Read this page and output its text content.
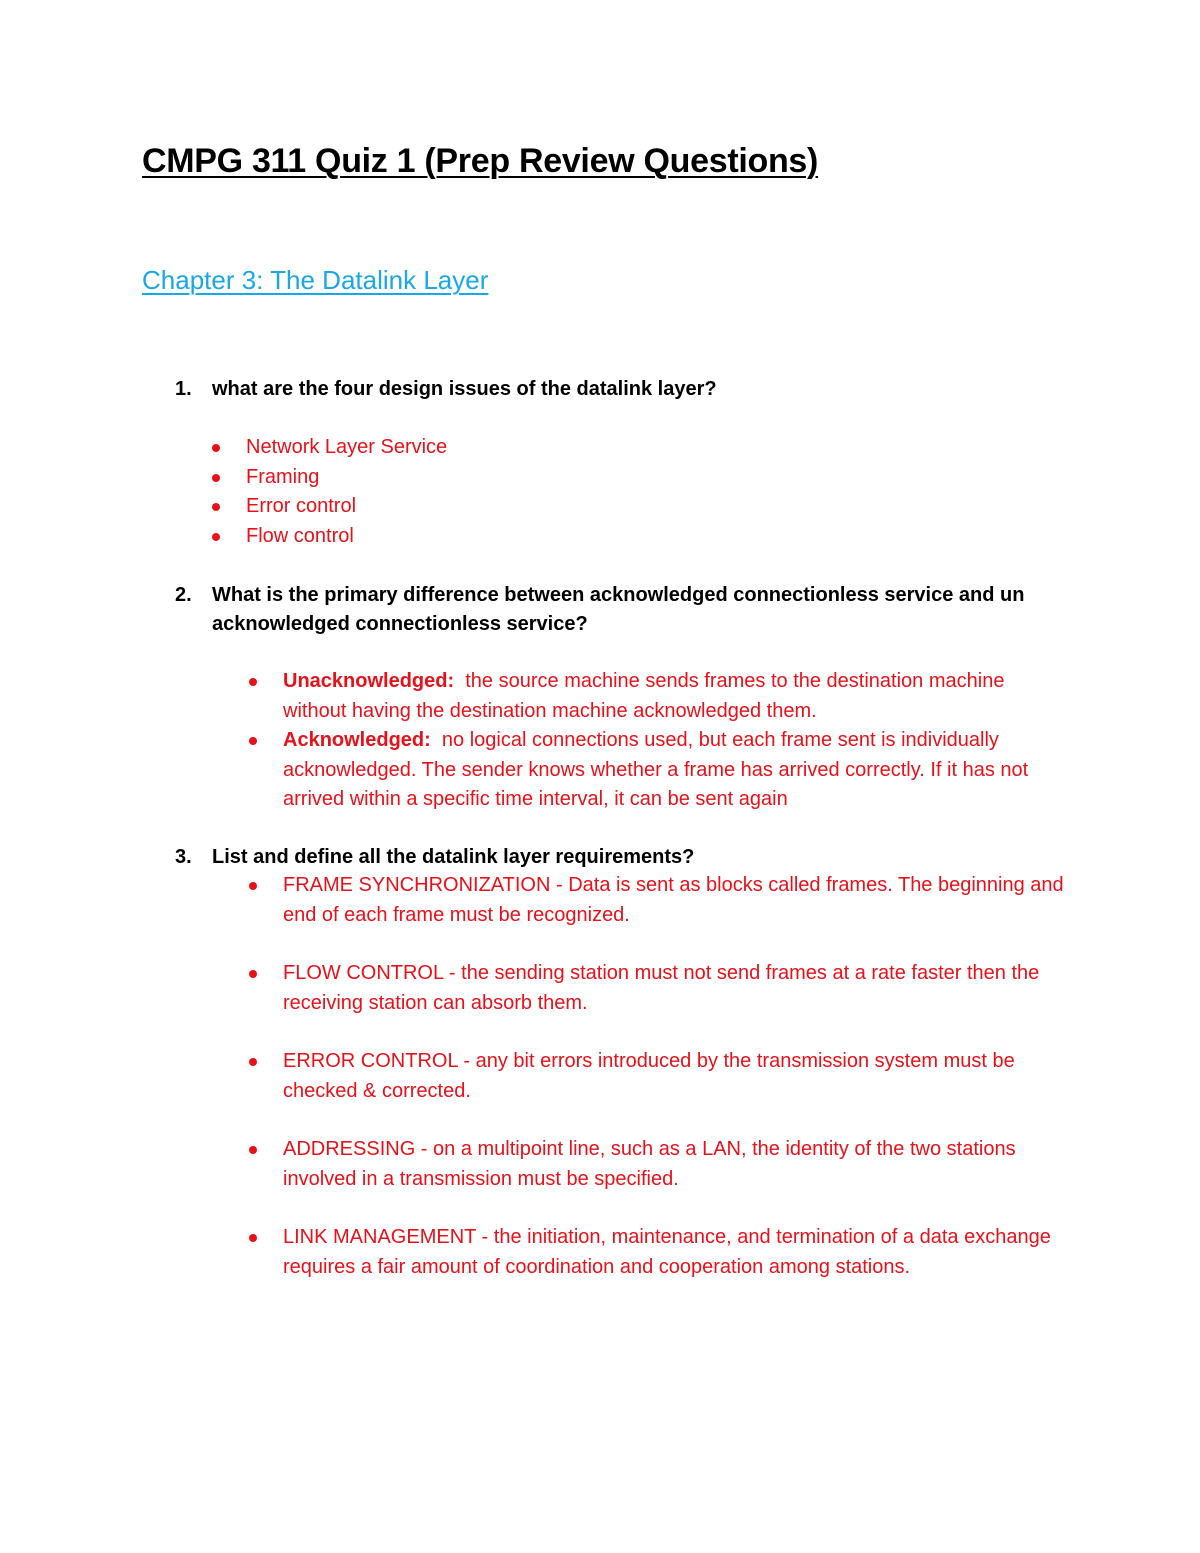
CMPG 311 Quiz 1 (Prep Review Questions)
Chapter 3: The Datalink Layer
1. what are the four design issues of the datalink layer?
Network Layer Service
Framing
Error control
Flow control
2. What is the primary difference between acknowledged connectionless service and un acknowledged connectionless service?
Unacknowledged:  the source machine sends frames to the destination machine without having the destination machine acknowledged them.
Acknowledged:  no logical connections used, but each frame sent is individually acknowledged. The sender knows whether a frame has arrived correctly. If it has not arrived within a specific time interval, it can be sent again
3. List and define all the datalink layer requirements?
FRAME SYNCHRONIZATION - Data is sent as blocks called frames. The beginning and end of each frame must be recognized.
FLOW CONTROL - the sending station must not send frames at a rate faster then the receiving station can absorb them.
ERROR CONTROL - any bit errors introduced by the transmission system must be checked & corrected.
ADDRESSING - on a multipoint line, such as a LAN, the identity of the two stations involved in a transmission must be specified.
LINK MANAGEMENT - the initiation, maintenance, and termination of a data exchange requires a fair amount of coordination and cooperation among stations.
